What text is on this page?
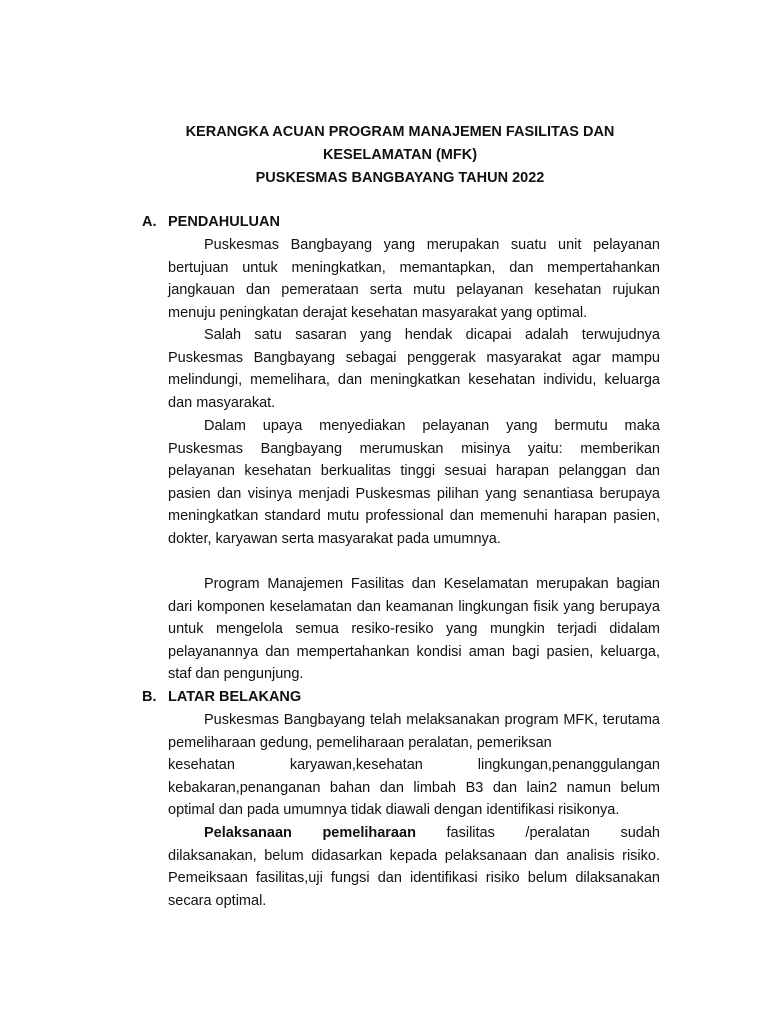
KERANGKA ACUAN PROGRAM MANAJEMEN FASILITAS DAN
KESELAMATAN (MFK)
PUSKESMAS BANGBAYANG TAHUN 2022
A. PENDAHULUAN

Puskesmas Bangbayang yang merupakan suatu unit pelayanan bertujuan untuk meningkatkan, memantapkan, dan mempertahankan jangkauan dan pemerataan serta mutu pelayanan kesehatan rujukan menuju peningkatan derajat kesehatan masyarakat yang optimal.

Salah satu sasaran yang hendak dicapai adalah terwujudnya Puskesmas Bangbayang sebagai penggerak masyarakat agar mampu melindungi, memelihara, dan meningkatkan kesehatan individu, keluarga dan masyarakat.

Dalam upaya menyediakan pelayanan yang bermutu maka Puskesmas Bangbayang merumuskan misinya yaitu: memberikan pelayanan kesehatan berkualitas tinggi sesuai harapan pelanggan dan pasien dan visinya menjadi Puskesmas pilihan yang senantiasa berupaya meningkatkan standard mutu professional dan memenuhi harapan pasien, dokter, karyawan serta masyarakat pada umumnya.

Program Manajemen Fasilitas dan Keselamatan merupakan bagian dari komponen keselamatan dan keamanan lingkungan fisik yang berupaya untuk mengelola semua resiko-resiko yang mungkin terjadi didalam pelayanannya dan mempertahankan kondisi aman bagi pasien, keluarga, staf dan pengunjung.

B. LATAR BELAKANG
Puskesmas Bangbayang telah melaksanakan program MFK, terutama pemeliharaan gedung, pemeliharaan peralatan, pemeriksan
kesehatan	karyawan,kesehatan	lingkungan,penanggulangan
kebakaran,penanganan bahan dan limbah B3 dan lain2 namun belum optimal dan pada umumnya tidak diawali dengan identifikasi risikonya.
Pelaksanaan pemeliharaan fasilitas /peralatan sudah
dilaksanakan, belum didasarkan kepada pelaksanaan dan analisis risiko. Pemeiksaan fasilitas,uji fungsi dan identifikasi risiko belum dilaksanakan secara optimal.
